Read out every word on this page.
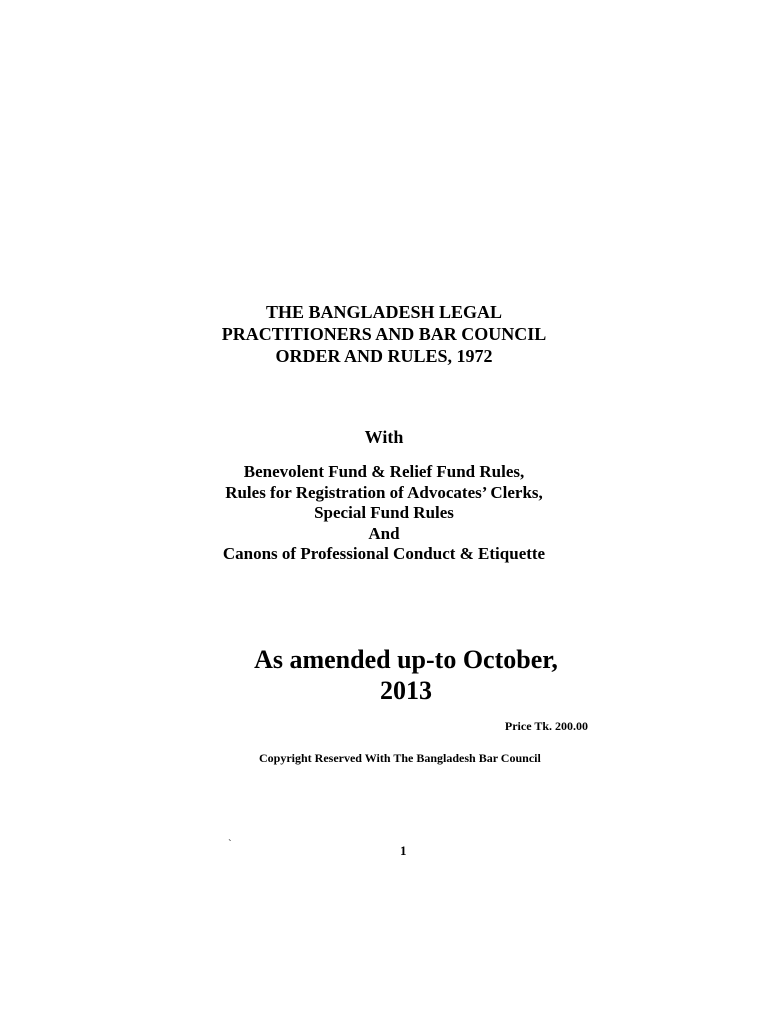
THE BANGLADESH LEGAL
PRACTITIONERS AND BAR COUNCIL
ORDER AND RULES, 1972
With
Benevolent Fund & Relief Fund Rules,
Rules for Registration of Advocates’ Clerks,
Special Fund Rules
And
Canons of Professional Conduct & Etiquette
As amended up-to October,
2013
Price Tk. 200.00
Copyright Reserved With The Bangladesh Bar Council
`	1
